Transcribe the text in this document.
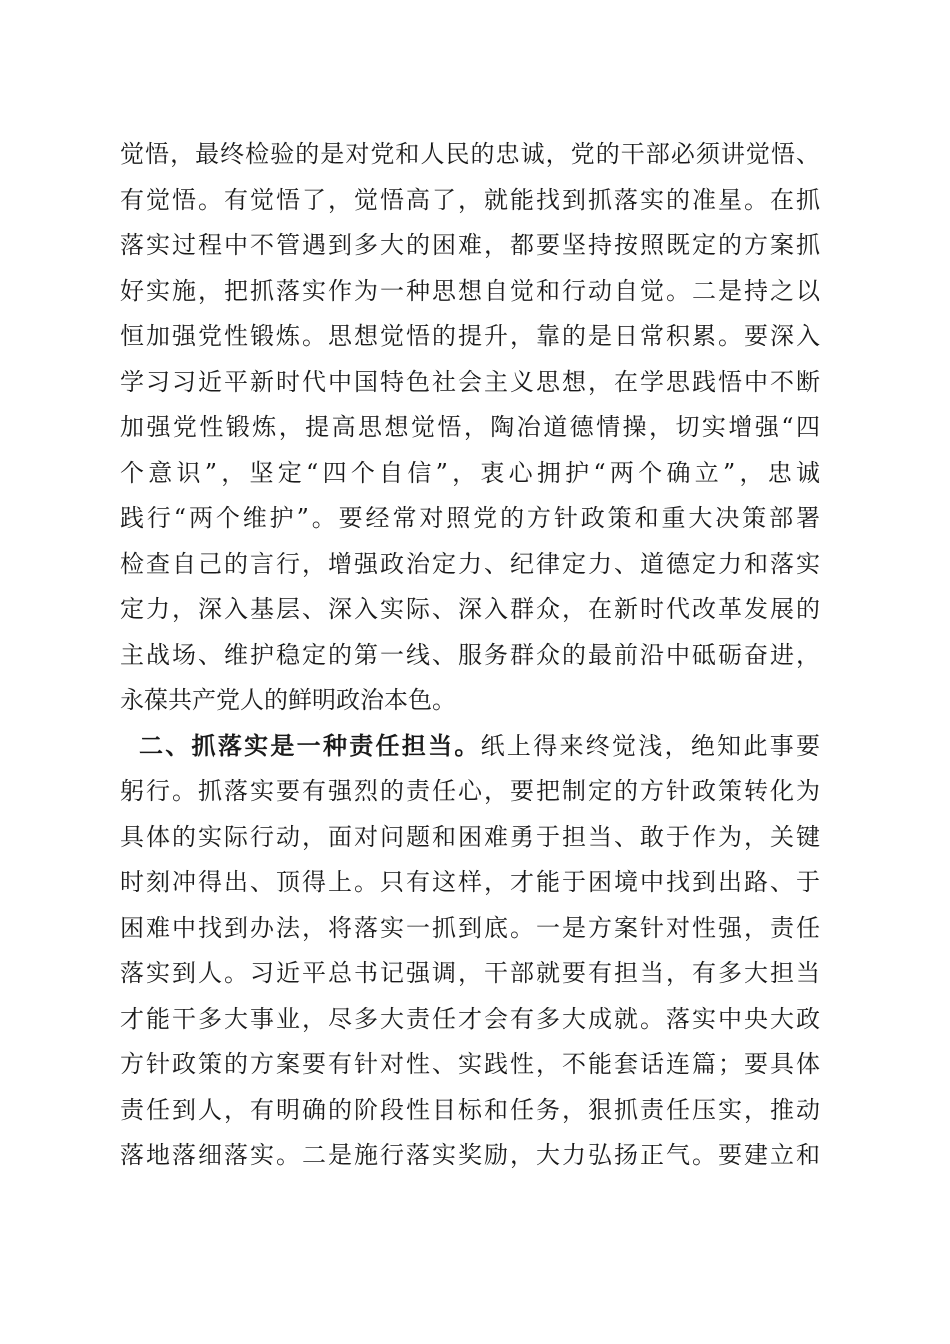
觉悟，最终检验的是对党和人民的忠诚，党的干部必须讲觉悟、
有觉悟。有觉悟了，觉悟高了，就能找到抓落实的准星。在抓
落实过程中不管遇到多大的困难，都要坚持按照既定的方案抓
好实施，把抓落实作为一种思想自觉和行动自觉。二是持之以
恒加强党性锻炼。思想觉悟的提升，靠的是日常积累。要深入
学习习近平新时代中国特色社会主义思想，在学思践悟中不断
加强党性锻炼，提高思想觉悟，陶冶道德情操，切实增强“四
个意识”，坚定“四个自信”，衷心拥护“两个确立”，忠诚
践行“两个维护”。要经常对照党的方针政策和重大决策部署
检查自己的言行，增强政治定力、纪律定力、道德定力和落实
定力，深入基层、深入实际、深入群众，在新时代改革发展的
主战场、维护稳定的第一线、服务群众的最前沿中砥砺奋进，
永葆共产党人的鲜明政治本色。
二、抓落实是一种责任担当。纸上得来终觉浅，绝知此事要
躬行。抓落实要有强烈的责任心，要把制定的方针政策转化为
具体的实际行动，面对问题和困难勇于担当、敢于作为，关键
时刻冲得出、顶得上。只有这样，才能于困境中找到出路、于
困难中找到办法，将落实一抓到底。一是方案针对性强，责任
落实到人。习近平总书记强调，干部就要有担当，有多大担当
才能干多大事业，尽多大责任才会有多大成就。落实中央大政
方针政策的方案要有针对性、实践性，不能套话连篇；要具体
责任到人，有明确的阶段性目标和任务，狠抓责任压实，推动
落地落细落实。二是施行落实奖励，大力弘扬正气。要建立和
